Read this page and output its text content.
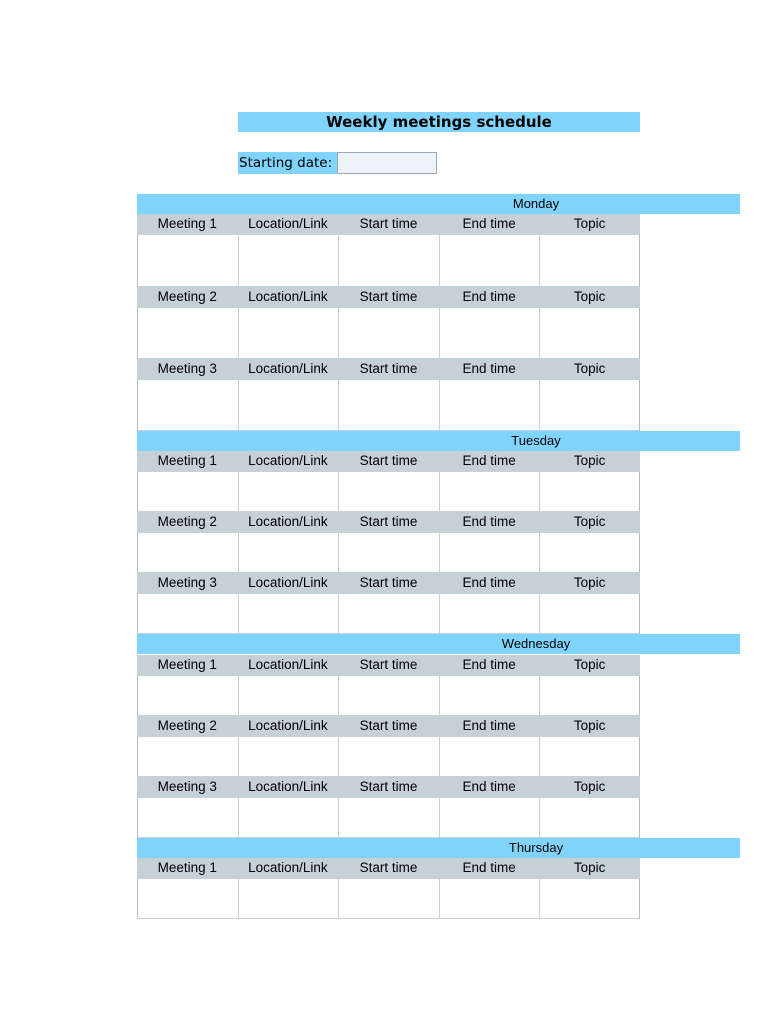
Weekly meetings schedule
Starting date:
Monday
Meeting 1	Location/Link	Start time	End time	Topic
Meeting 2	Location/Link	Start time	End time	Topic
Meeting 3	Location/Link	Start time	End time	Topic
Tuesday
Meeting 1	Location/Link	Start time	End time	Topic
Meeting 2	Location/Link	Start time	End time	Topic
Meeting 3	Location/Link	Start time	End time	Topic
Wednesday
Meeting 1	Location/Link	Start time	End time	Topic
Meeting 2	Location/Link	Start time	End time	Topic
Meeting 3	Location/Link	Start time	End time	Topic
Thursday
Meeting 1	Location/Link	Start time	End time	Topic
